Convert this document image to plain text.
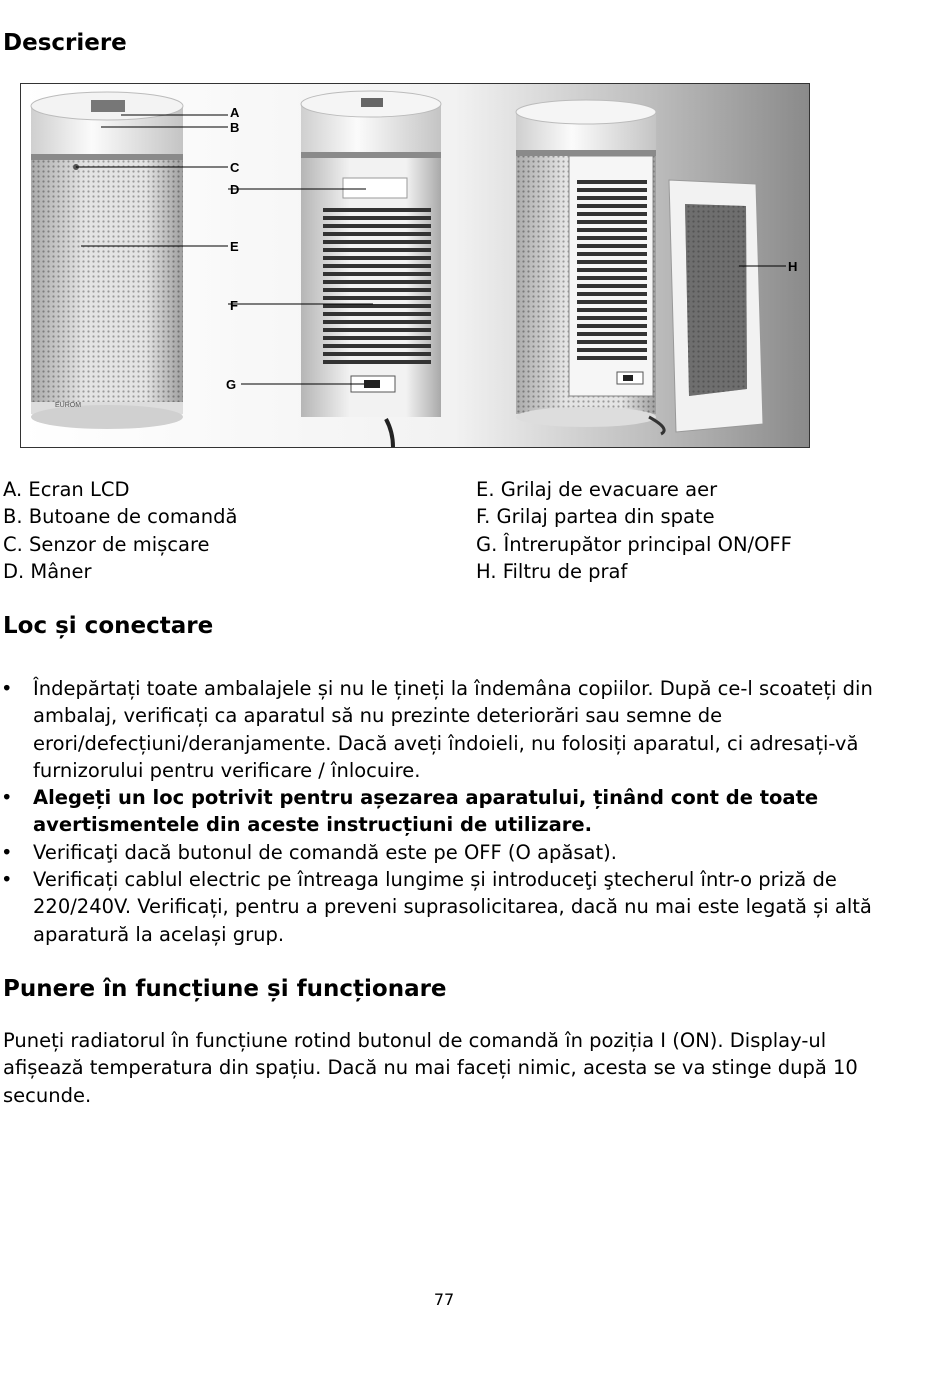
Descriere
EUROM
A
B
C
D
E
F
G
H
A. Ecran LCD
B. Butoane de comandă
C. Senzor de mișcare
D. Mâner
E. Grilaj de evacuare aer
F. Grilaj partea din spate
G. Întrerupător principal ON/OFF
H. Filtru de praf
Loc și conectare
• Îndepărtați toate ambalajele și nu le țineți la îndemâna copiilor. După ce-l scoateți din ambalaj, verificați ca aparatul să nu prezinte deteriorări sau semne de erori/defecțiuni/deranjamente. Dacă aveți îndoieli, nu folosiți aparatul, ci adresați-vă furnizorului pentru verificare / înlocuire.
• Alegeți un loc potrivit pentru așezarea aparatului, ținând cont de toate avertismentele din aceste instrucțiuni de utilizare.
• Verificaţi dacă butonul de comandă este pe OFF (O apăsat).
• Verificați cablul electric pe întreaga lungime și introduceţi ştecherul într-o priză de 220/240V. Verificați, pentru a preveni suprasolicitarea, dacă nu mai este legată și altă aparatură la același grup.
Punere în funcțiune și funcționare

Puneți radiatorul în funcțiune rotind butonul de comandă în poziția I (ON). Display-ul afișează temperatura din spațiu. Dacă nu mai faceți nimic, acesta se va stinge după 10 secunde.

77
